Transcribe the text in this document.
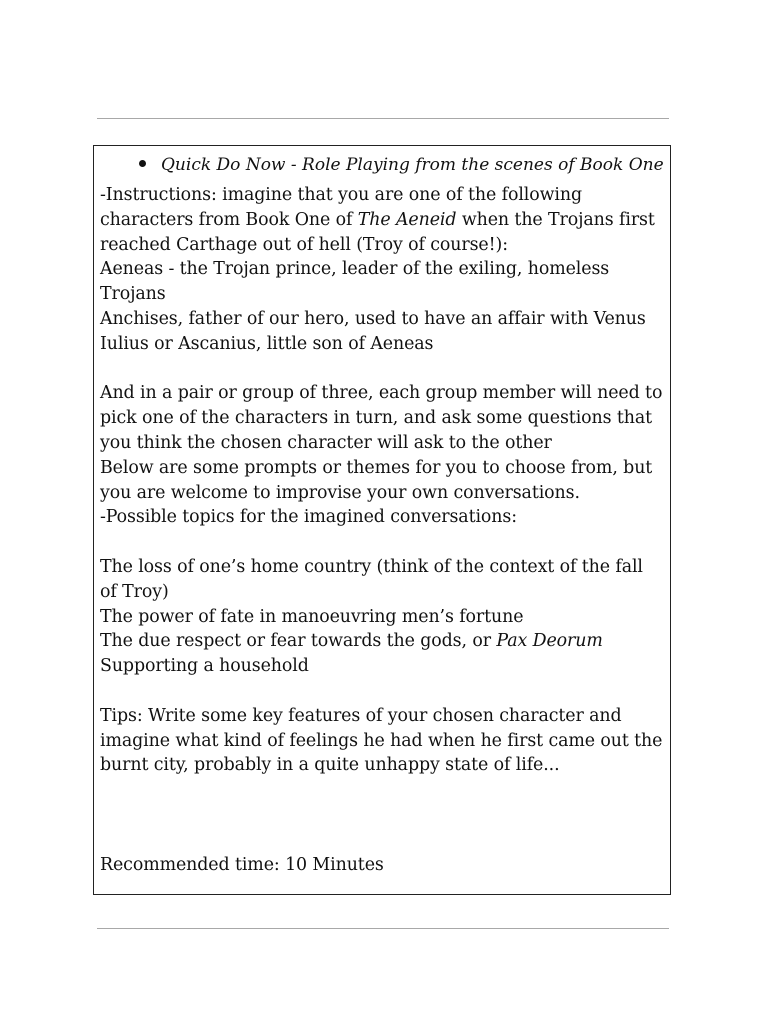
Quick Do Now - Role Playing from the scenes of Book One
-Instructions: imagine that you are one of the following
characters from Book One of The Aeneid when the Trojans first
reached Carthage out of hell (Troy of course!):
Aeneas - the Trojan prince, leader of the exiling, homeless
Trojans
Anchises, father of our hero, used to have an affair with Venus
Iulius or Ascanius, little son of Aeneas
And in a pair or group of three, each group member will need to
pick one of the characters in turn, and ask some questions that
you think the chosen character will ask to the other
Below are some prompts or themes for you to choose from, but
you are welcome to improvise your own conversations.
-Possible topics for the imagined conversations:
The loss of one’s home country (think of the context of the fall
of Troy)
The power of fate in manoeuvring men’s fortune
The due respect or fear towards the gods, or Pax Deorum
Supporting a household
Tips: Write some key features of your chosen character and
imagine what kind of feelings he had when he first came out the
burnt city, probably in a quite unhappy state of life...
Recommended time: 10 Minutes
